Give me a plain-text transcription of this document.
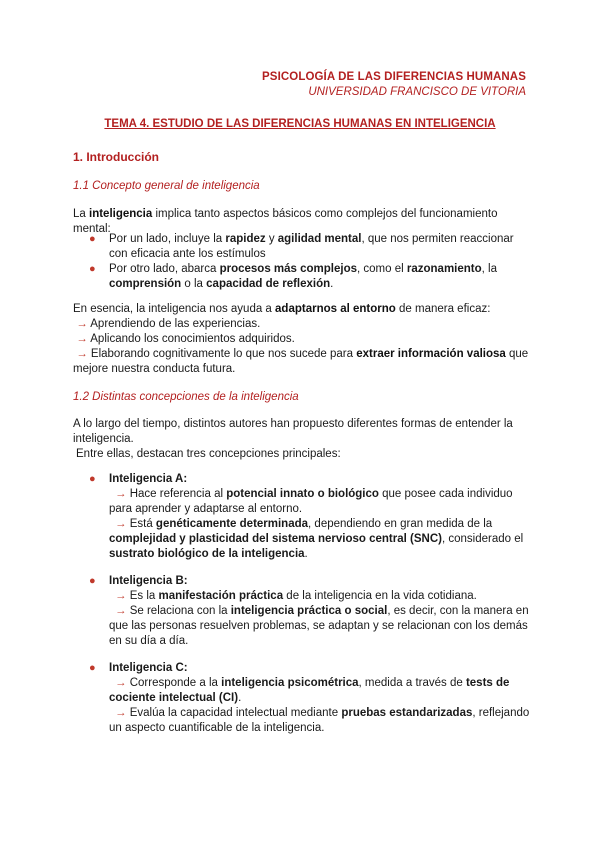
PSICOLOGÍA DE LAS DIFERENCIAS HUMANAS
UNIVERSIDAD FRANCISCO DE VITORIA
TEMA 4. ESTUDIO DE LAS DIFERENCIAS HUMANAS EN INTELIGENCIA
1. Introducción
1.1 Concepto general de inteligencia
La inteligencia implica tanto aspectos básicos como complejos del funcionamiento mental:
● Por un lado, incluye la rapidez y agilidad mental, que nos permiten reaccionar con eficacia ante los estímulos
● Por otro lado, abarca procesos más complejos, como el razonamiento, la comprensión o la capacidad de reflexión.
En esencia, la inteligencia nos ayuda a adaptarnos al entorno de manera eficaz:
→ Aprendiendo de las experiencias.
→ Aplicando los conocimientos adquiridos.
→ Elaborando cognitivamente lo que nos sucede para extraer información valiosa que mejore nuestra conducta futura.
1.2 Distintas concepciones de la inteligencia
A lo largo del tiempo, distintos autores han propuesto diferentes formas de entender la inteligencia.
Entre ellas, destacan tres concepciones principales:
● Inteligencia A:
→ Hace referencia al potencial innato o biológico que posee cada individuo para aprender y adaptarse al entorno.
→ Está genéticamente determinada, dependiendo en gran medida de la complejidad y plasticidad del sistema nervioso central (SNC), considerado el sustrato biológico de la inteligencia.
● Inteligencia B:
→ Es la manifestación práctica de la inteligencia en la vida cotidiana.
→ Se relaciona con la inteligencia práctica o social, es decir, con la manera en que las personas resuelven problemas, se adaptan y se relacionan con los demás en su día a día.
● Inteligencia C:
→ Corresponde a la inteligencia psicométrica, medida a través de tests de cociente intelectual (CI).
→ Evalúa la capacidad intelectual mediante pruebas estandarizadas, reflejando un aspecto cuantificable de la inteligencia.
